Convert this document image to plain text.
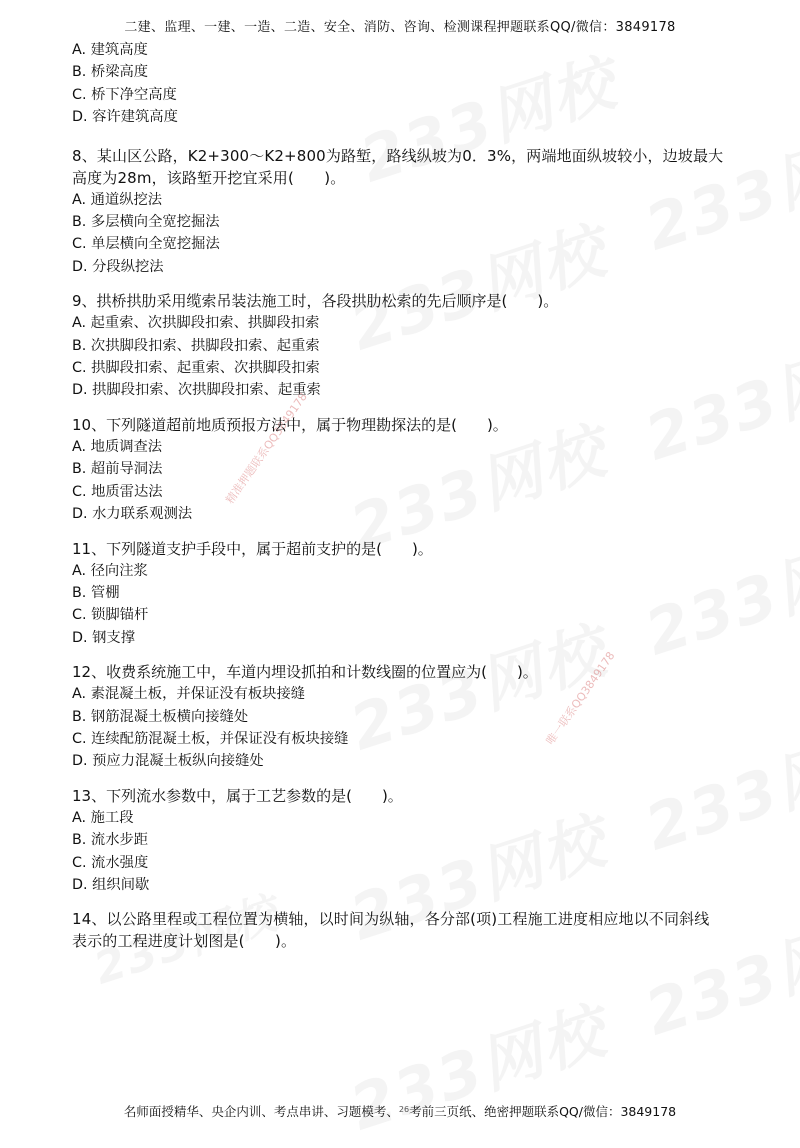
精准押题联系QQ3849178
唯一联系QQ3849178
二建、监理、一建、一造、二造、安全、消防、咨询、检测课程押题联系QQ/微信：3849178

A. 建筑高度

B. 桥梁高度

C. 桥下净空高度

D. 容许建筑高度

8、某山区公路，K2+300～K2+800为路堑，路线纵坡为0．3%，两端地面纵坡较小，边坡最大高度为28m，该路堑开挖宜采用(　　)。

A. 通道纵挖法

B. 多层横向全宽挖掘法

C. 单层横向全宽挖掘法

D. 分段纵挖法

9、拱桥拱肋采用缆索吊装法施工时，各段拱肋松索的先后顺序是(　　)。

A. 起重索、次拱脚段扣索、拱脚段扣索

B. 次拱脚段扣索、拱脚段扣索、起重索

C. 拱脚段扣索、起重索、次拱脚段扣索

D. 拱脚段扣索、次拱脚段扣索、起重索

10、下列隧道超前地质预报方法中，属于物理勘探法的是(　　)。

A. 地质调查法

B. 超前导洞法

C. 地质雷达法

D. 水力联系观测法

11、下列隧道支护手段中，属于超前支护的是(　　)。

A. 径向注浆

B. 管棚

C. 锁脚锚杆

D. 钢支撑

12、收费系统施工中，车道内埋设抓拍和计数线圈的位置应为(　　)。

A. 素混凝土板，并保证没有板块接缝

B. 钢筋混凝土板横向接缝处

C. 连续配筋混凝土板，并保证没有板块接缝

D. 预应力混凝土板纵向接缝处

13、下列流水参数中，属于工艺参数的是(　　)。

A. 施工段

B. 流水步距

C. 流水强度

D. 组织间歇

14、以公路里程或工程位置为横轴，以时间为纵轴，各分部(项)工程施工进度相应地以不同斜线表示的工程进度计划图是(　　)。

名师面授精华、央企内训、考点串讲、习题模考、$^{26}$考前三页纸、绝密押题联系QQ/微信：3849178
